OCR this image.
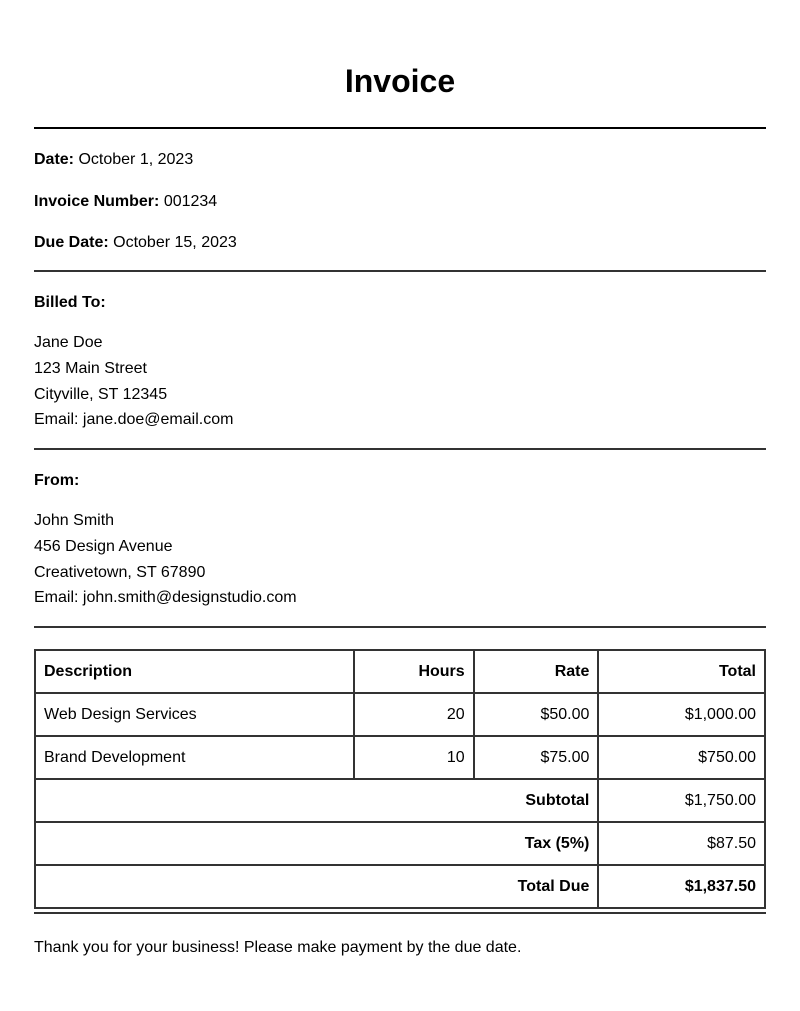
Invoice
Date: October 1, 2023
Invoice Number: 001234
Due Date: October 15, 2023
Billed To:
Jane Doe
123 Main Street
Cityville, ST 12345
Email: jane.doe@email.com
From:
John Smith
456 Design Avenue
Creativetown, ST 67890
Email: john.smith@designstudio.com
Description	Hours	Rate	Total
Web Design Services	20	$50.00	$1,000.00
Brand Development	10	$75.00	$750.00
Subtotal			$1,750.00
Tax (5%)			$87.50
Total Due			$1,837.50
Thank you for your business! Please make payment by the due date.
